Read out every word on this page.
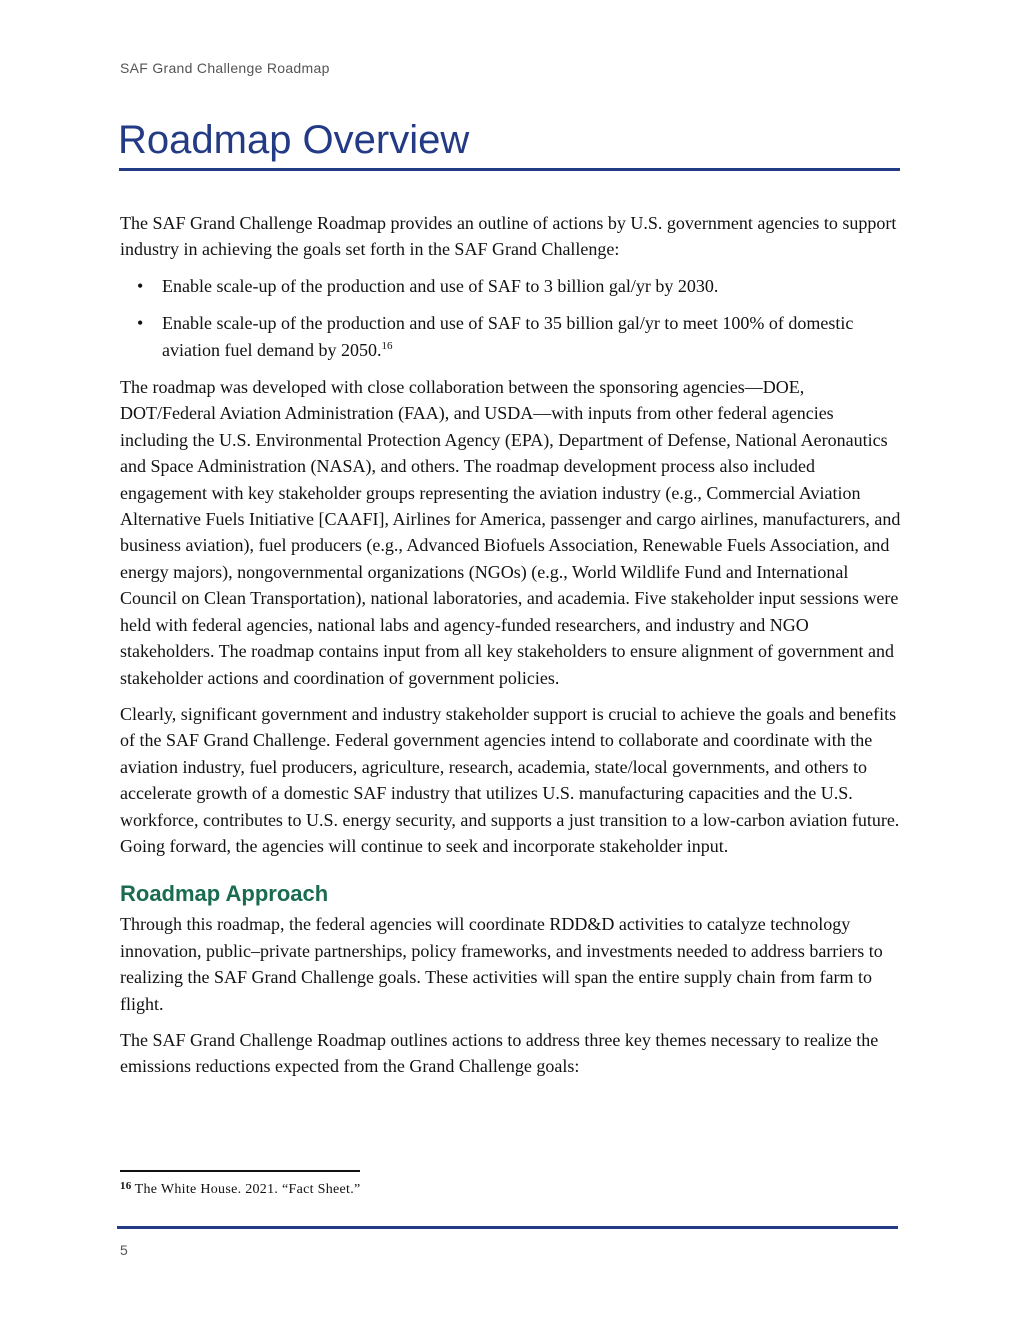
SAF Grand Challenge Roadmap
Roadmap Overview

The SAF Grand Challenge Roadmap provides an outline of actions by U.S. government agencies to support industry in achieving the goals set forth in the SAF Grand Challenge:

• Enable scale-up of the production and use of SAF to 3 billion gal/yr by 2030.
• Enable scale-up of the production and use of SAF to 35 billion gal/yr to meet 100% of domestic aviation fuel demand by 2050.16

The roadmap was developed with close collaboration between the sponsoring agencies—DOE, DOT/Federal Aviation Administration (FAA), and USDA—with inputs from other federal agencies including the U.S. Environmental Protection Agency (EPA), Department of Defense, National Aeronautics and Space Administration (NASA), and others. The roadmap development process also included engagement with key stakeholder groups representing the aviation industry (e.g., Commercial Aviation Alternative Fuels Initiative [CAAFI], Airlines for America, passenger and cargo airlines, manufacturers, and business aviation), fuel producers (e.g., Advanced Biofuels Association, Renewable Fuels Association, and energy majors), nongovernmental organizations (NGOs) (e.g., World Wildlife Fund and International Council on Clean Transportation), national laboratories, and academia. Five stakeholder input sessions were held with federal agencies, national labs and agency-funded researchers, and industry and NGO stakeholders. The roadmap contains input from all key stakeholders to ensure alignment of government and stakeholder actions and coordination of government policies.

Clearly, significant government and industry stakeholder support is crucial to achieve the goals and benefits of the SAF Grand Challenge. Federal government agencies intend to collaborate and coordinate with the aviation industry, fuel producers, agriculture, research, academia, state/local governments, and others to accelerate growth of a domestic SAF industry that utilizes U.S. manufacturing capacities and the U.S. workforce, contributes to U.S. energy security, and supports a just transition to a low-carbon aviation future. Going forward, the agencies will continue to seek and incorporate stakeholder input.

Roadmap Approach

Through this roadmap, the federal agencies will coordinate RDD&D activities to catalyze technology innovation, public–private partnerships, policy frameworks, and investments needed to address barriers to realizing the SAF Grand Challenge goals. These activities will span the entire supply chain from farm to flight.

The SAF Grand Challenge Roadmap outlines actions to address three key themes necessary to realize the emissions reductions expected from the Grand Challenge goals:

$^{16}$ The White House. 2021. “Fact Sheet.”
5
